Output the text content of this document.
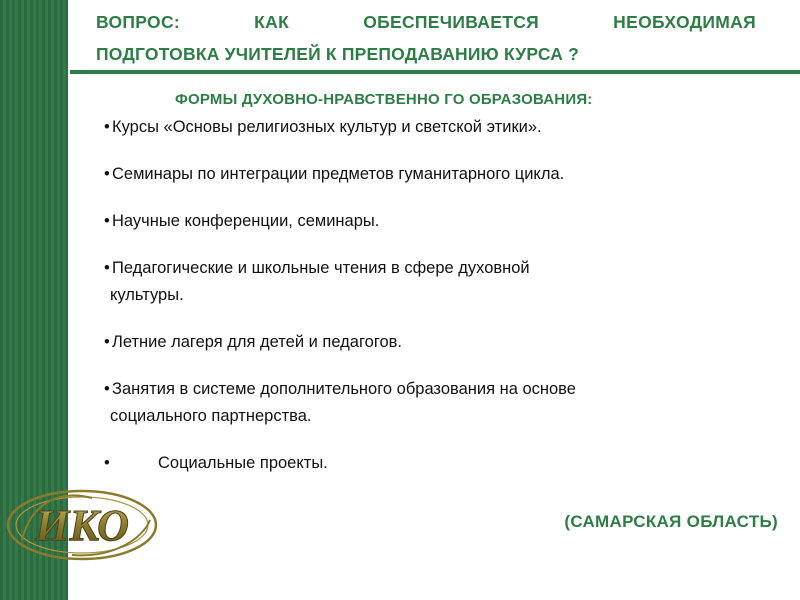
ВОПРОС:	КАК	ОБЕСПЕЧИВАЕТСЯ	НЕОБХОДИМАЯ
ПОДГОТОВКА УЧИТЕЛЕЙ К ПРЕПОДАВАНИЮ КУРСА ?
ФОРМЫ ДУХОВНО-НРАВСТВЕННО ГО ОБРАЗОВАНИЯ:
• Курсы «Основы религиозных культур и светской этики».
• Семинары по интеграции предметов гуманитарного цикла.
• Научные конференции, семинары.
• Педагогические и школьные чтения в сфере духовной
культуры.
• Летние лагеря для детей и педагогов.
• Занятия в системе дополнительного образования на основе
социального партнерства.
•	Социальные проекты.
(САМАРСКАЯ ОБЛАСТЬ)
ИКО
